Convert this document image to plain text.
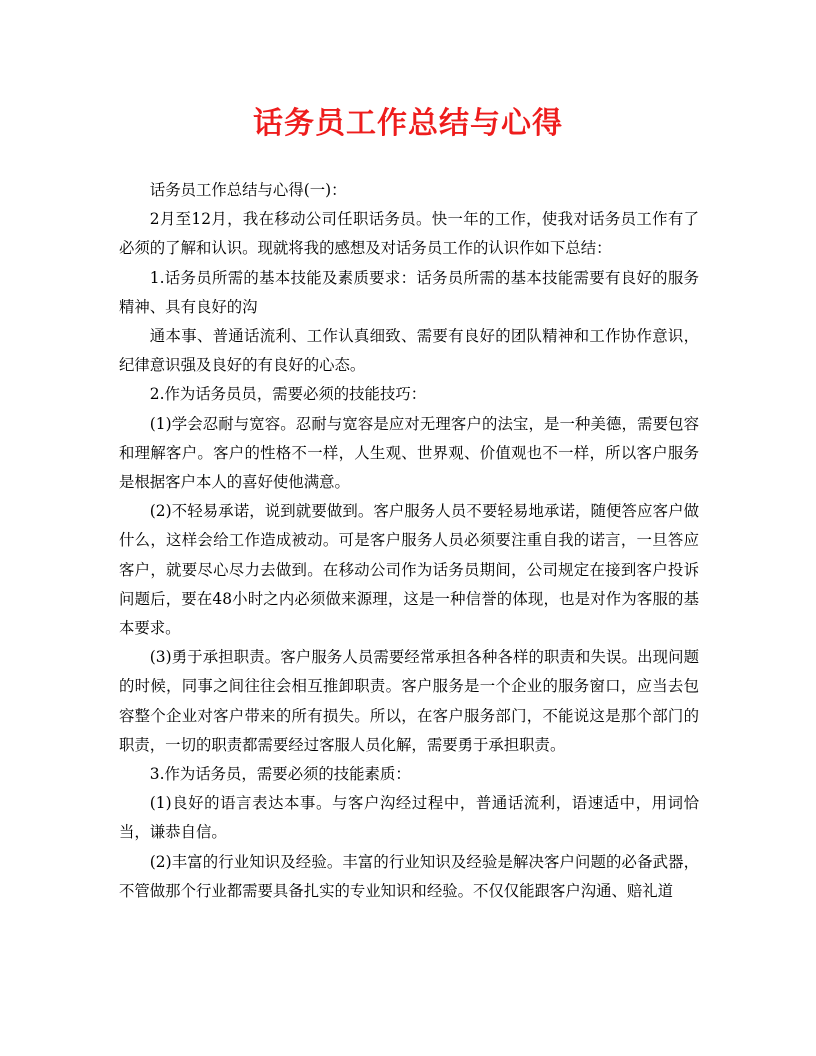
话务员工作总结与心得

话务员工作总结与心得(一)：

2月至12月，我在移动公司任职话务员。快一年的工作，使我对话务员工作有了必须的了解和认识。现就将我的感想及对话务员工作的认识作如下总结：

1.话务员所需的基本技能及素质要求：话务员所需的基本技能需要有良好的服务精神、具有良好的沟

通本事、普通话流利、工作认真细致、需要有良好的团队精神和工作协作意识，纪律意识强及良好的有良好的心态。

2.作为话务员员，需要必须的技能技巧：

(1)学会忍耐与宽容。忍耐与宽容是应对无理客户的法宝，是一种美德，需要包容和理解客户。客户的性格不一样，人生观、世界观、价值观也不一样，所以客户服务是根据客户本人的喜好使他满意。

(2)不轻易承诺，说到就要做到。客户服务人员不要轻易地承诺，随便答应客户做什么，这样会给工作造成被动。可是客户服务人员必须要注重自我的诺言，一旦答应客户，就要尽心尽力去做到。在移动公司作为话务员期间，公司规定在接到客户投诉问题后，要在48小时之内必须做来源理，这是一种信誉的体现，也是对作为客服的基本要求。

(3)勇于承担职责。客户服务人员需要经常承担各种各样的职责和失误。出现问题的时候，同事之间往往会相互推卸职责。客户服务是一个企业的服务窗口，应当去包容整个企业对客户带来的所有损失。所以，在客户服务部门，不能说这是那个部门的职责，一切的职责都需要经过客服人员化解，需要勇于承担职责。

3.作为话务员，需要必须的技能素质：

(1)良好的语言表达本事。与客户沟经过程中，普通话流利，语速适中，用词恰当，谦恭自信。

(2)丰富的行业知识及经验。丰富的行业知识及经验是解决客户问题的必备武器，不管做那个行业都需要具备扎实的专业知识和经验。不仅仅能跟客户沟通、赔礼道
